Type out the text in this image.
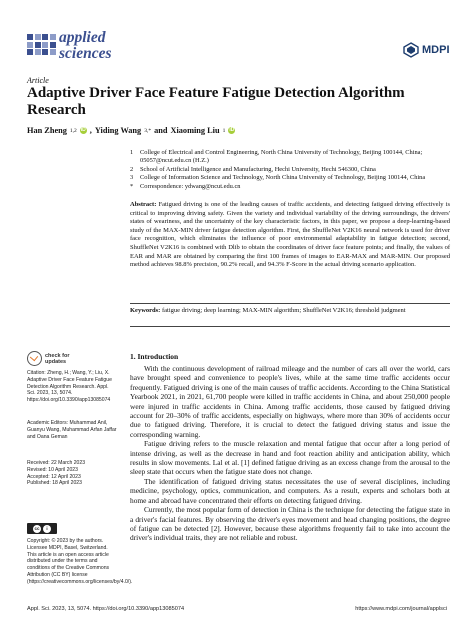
applied
sciences	MDPI
Article
Adaptive Driver Face Feature Fatigue Detection Algorithm Research
Han Zheng 1,2 iD , Yiding Wang 3,* and Xiaoming Liu 1 iD
1	College of Electrical and Control Engineering, North China University of Technology, Beijing 100144, China; 05057@ncut.edu.cn (H.Z.)
2	School of Artificial Intelligence and Manufacturing, Hechi University, Hechi 546300, China
3	College of Information Science and Technology, North China University of Technology, Beijing 100144, China
*	Correspondence: ydwang@ncut.edu.cn
Abstract: Fatigued driving is one of the leading causes of traffic accidents, and detecting fatigued driving effectively is critical to improving driving safety. Given the variety and individual variability of the driving surroundings, the drivers' states of weariness, and the uncertainty of the key characteristic factors, in this paper, we propose a deep-learning-based study of the MAX-MIN driver fatigue detection algorithm. First, the ShuffleNet V2K16 neural network is used for driver face recognition, which eliminates the influence of poor environmental adaptability in fatigue detection; second, ShuffleNet V2K16 is combined with Dlib to obtain the coordinates of driver face feature points; and finally, the values of EAR and MAR are obtained by comparing the first 100 frames of images to EAR-MAX and MAR-MIN. Our proposed method achieves 98.8% precision, 90.2% recall, and 94.3% F-Score in the actual driving scenario application.
Keywords: fatigue driving; deep learning; MAX-MIN algorithm; ShuffleNet V2K16; threshold judgment
check for
updates
Citation: Zheng, H.; Wang, Y.; Liu, X. Adaptive Driver Face Feature Fatigue Detection Algorithm Research. Appl. Sci. 2023, 13, 5074. https://doi.org/10.3390/app13085074
Academic Editors: Muhammad Anil, Guanyu Wang, Muhammad Arfan Jaffar and Oana Geman
Received: 22 March 2023
Revised: 10 April 2023
Accepted: 12 April 2023
Published: 18 April 2023
cc	i
Copyright: © 2023 by the authors. Licensee MDPI, Basel, Switzerland. This article is an open access article distributed under the terms and conditions of the Creative Commons Attribution (CC BY) license (https://creativecommons.org/licenses/by/4.0/).
1. Introduction

With the continuous development of railroad mileage and the number of cars all over the world, cars have brought speed and convenience to people's lives, while at the same time traffic accidents occur frequently. Fatigued driving is one of the main causes of traffic accidents. According to the China Statistical Yearbook 2021, in 2021, 61,700 people were killed in traffic accidents in China, and about 250,000 people were injured in traffic accidents in China. Among traffic accidents, those caused by fatigued driving account for 20–30% of traffic accidents, especially on highways, where more than 30% of accidents occur due to fatigued driving. Therefore, it is crucial to detect the fatigued driving status and issue the corresponding warning.

Fatigue driving refers to the muscle relaxation and mental fatigue that occur after a long period of intense driving, as well as the decrease in hand and foot reaction ability and anticipation ability, which results in slow movements. Lal et al. [1] defined fatigue driving as an excess change from the arousal to the sleep state that occurs when the fatigue state does not change.

The identification of fatigued driving status necessitates the use of several disciplines, including medicine, psychology, optics, communication, and computers. As a result, experts and scholars both at home and abroad have concentrated their efforts on detecting fatigued driving.

Currently, the most popular form of detection in China is the technique for detecting the fatigue state in a driver's facial features. By observing the driver's eyes movement and head changing positions, the degree of fatigue can be detected [2]. However, because these algorithms frequently fail to take into account the driver's individual traits, they are not reliable and robust.

Appl. Sci. 2023, 13, 5074. https://doi.org/10.3390/app13085074	https://www.mdpi.com/journal/applsci
